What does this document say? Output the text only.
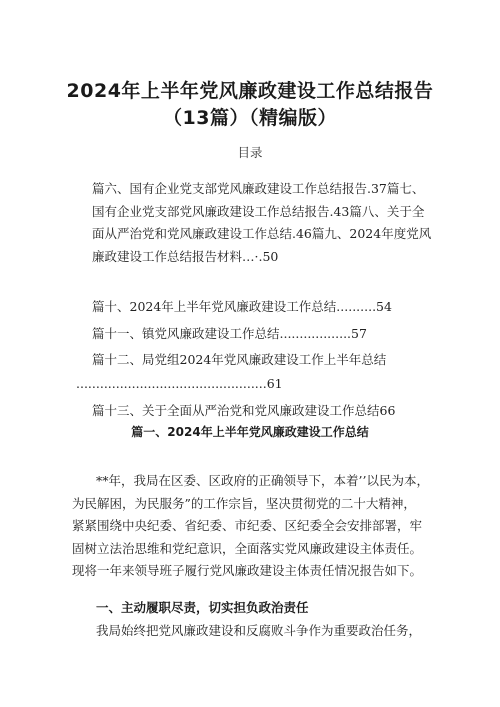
2024年上半年党风廉政建设工作总结报告
（13篇）（精编版）
目录
篇六、国有企业党支部党风廉政建设工作总结报告.37篇七、
国有企业党支部党风廉政建设工作总结报告.43篇八、关于全
面从严治党和党风廉政建设工作总结.46篇九、2024年度党风
廉政建设工作总结报告材料…·.50
篇十、2024年上半年党风廉政建设工作总结..........54
篇十一、镇党风廉政建设工作总结..................57
篇十二、局党组2024年党风廉政建设工作上半年总结
................................................61
篇十三、关于全面从严治党和党风廉政建设工作总结66
篇一、2024年上半年党风廉政建设工作总结
**年，我局在区委、区政府的正确领导下，本着’’以民为本，
为民解困，为民服务”的工作宗旨，坚决贯彻党的二十大精神，
紧紧围绕中央纪委、省纪委、市纪委、区纪委全会安排部署，牢
固树立法治思维和党纪意识，全面落实党风廉政建设主体责任。
现将一年来领导班子履行党风廉政建设主体责任情况报告如下。
一、主动履职尽责，切实担负政治责任
我局始终把党风廉政建设和反腐败斗争作为重要政治任务，
